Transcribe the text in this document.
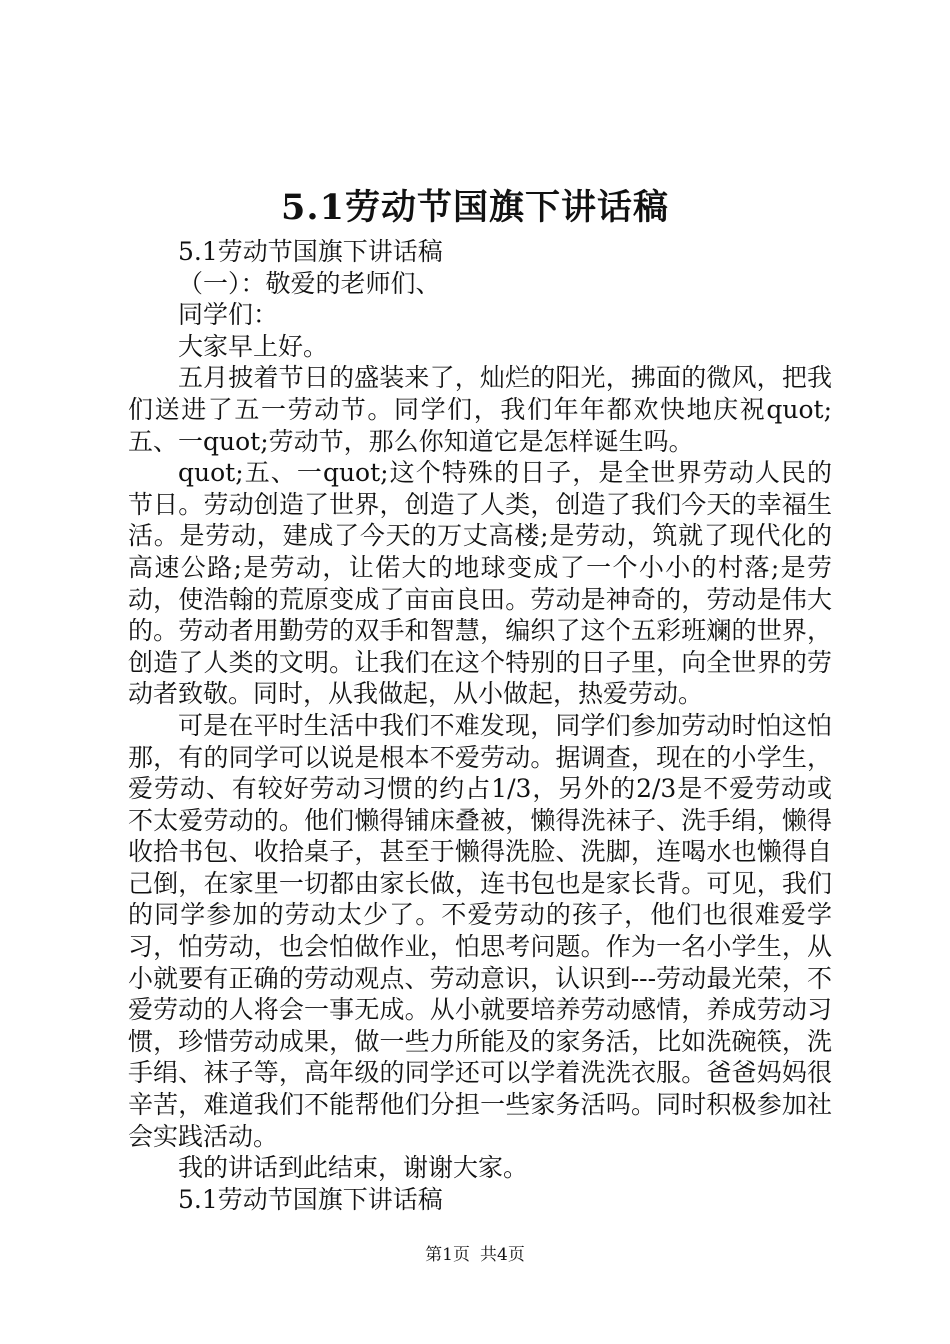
5.1劳动节国旗下讲话稿

5.1劳动节国旗下讲话稿

（一）：敬爱的老师们、

同学们：

大家早上好。

五月披着节日的盛装来了，灿烂的阳光，拂面的微风，把我们送进了五一劳动节。同学们，我们年年都欢快地庆祝quot;五、一quot;劳动节，那么你知道它是怎样诞生吗。

quot;五、一quot;这个特殊的日子，是全世界劳动人民的节日。劳动创造了世界，创造了人类，创造了我们今天的幸福生活。是劳动，建成了今天的万丈高楼;是劳动，筑就了现代化的高速公路;是劳动，让偌大的地球变成了一个小小的村落;是劳动，使浩翰的荒原变成了亩亩良田。劳动是神奇的，劳动是伟大的。劳动者用勤劳的双手和智慧，编织了这个五彩班斓的世界，创造了人类的文明。让我们在这个特别的日子里，向全世界的劳动者致敬。同时，从我做起，从小做起，热爱劳动。

可是在平时生活中我们不难发现，同学们参加劳动时怕这怕那，有的同学可以说是根本不爱劳动。据调查，现在的小学生，爱劳动、有较好劳动习惯的约占1/3，另外的2/3是不爱劳动或不太爱劳动的。他们懒得铺床叠被，懒得洗袜子、洗手绢，懒得收拾书包、收拾桌子，甚至于懒得洗脸、洗脚，连喝水也懒得自己倒，在家里一切都由家长做，连书包也是家长背。可见，我们的同学参加的劳动太少了。不爱劳动的孩子，他们也很难爱学习，怕劳动，也会怕做作业，怕思考问题。作为一名小学生，从小就要有正确的劳动观点、劳动意识，认识到---劳动最光荣，不爱劳动的人将会一事无成。从小就要培养劳动感情，养成劳动习惯，珍惜劳动成果，做一些力所能及的家务活，比如洗碗筷，洗手绢、袜子等，高年级的同学还可以学着洗洗衣服。爸爸妈妈很辛苦，难道我们不能帮他们分担一些家务活吗。同时积极参加社会实践活动。

我的讲话到此结束，谢谢大家。

5.1劳动节国旗下讲话稿

第1页 共4页
